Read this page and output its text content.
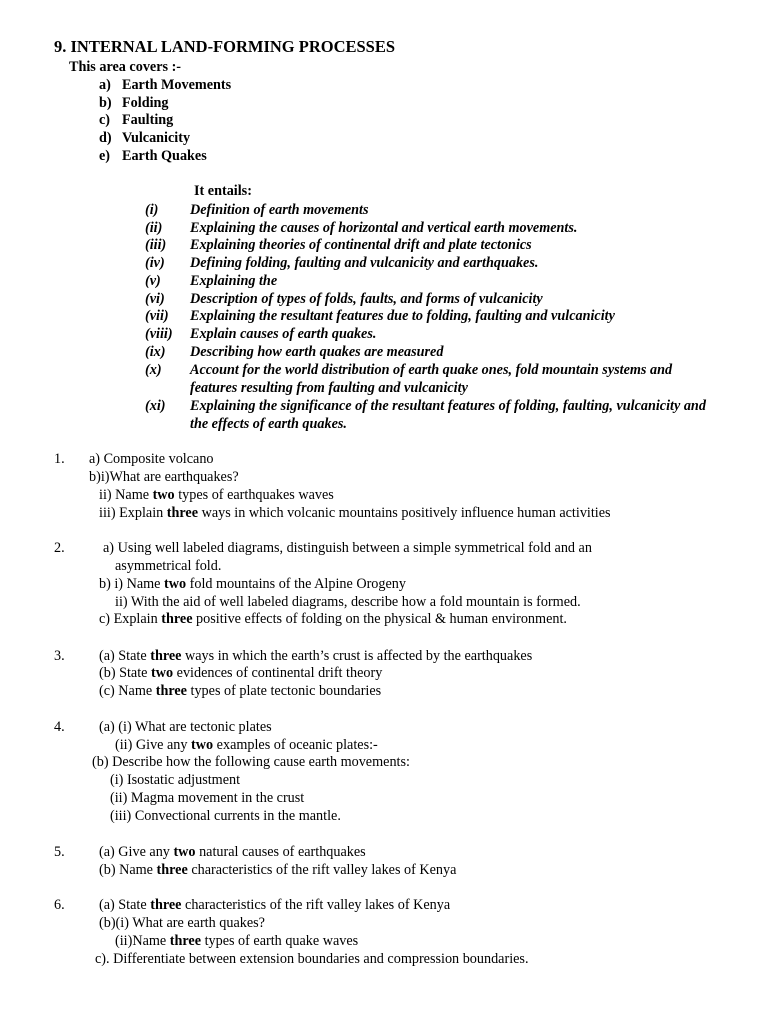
9. INTERNAL LAND-FORMING PROCESSES
This area covers :-
a) Earth Movements
b) Folding
c) Faulting
d) Vulcanicity
e) Earth Quakes
It entails:
(i) Definition of earth movements
(ii) Explaining the causes of horizontal and vertical earth movements.
(iii) Explaining theories of continental drift and plate tectonics
(iv) Defining folding, faulting and vulcanicity and earthquakes.
(v) Explaining the
(vi) Description of types of folds, faults, and forms of vulcanicity
(vii) Explaining the resultant features due to folding, faulting and vulcanicity
(viii) Explain causes of earth quakes.
(ix) Describing how earth quakes are measured
(x) Account for the world distribution of earth quake ones, fold mountain systems and features resulting from faulting and vulcanicity
(xi) Explaining the significance of the resultant features of folding, faulting, vulcanicity and the effects of earth quakes.
1. a) Composite volcano
b)i)What are earthquakes?
ii) Name two types of earthquakes waves
iii) Explain three ways in which volcanic mountains positively influence human activities
2.	a) Using well labeled diagrams, distinguish between a simple symmetrical fold and an
asymmetrical fold.
b) i) Name two fold mountains of the Alpine Orogeny
ii) With the aid of well labeled diagrams, describe how a fold mountain is formed.
c) Explain three positive effects of folding on the physical & human environment.
3. (a) State three ways in which the earth’s crust is affected by the earthquakes
(b) State two evidences of continental drift theory
(c) Name three types of plate tectonic boundaries
4. (a) (i) What are tectonic plates
(ii) Give any two examples of oceanic plates:-
(b) Describe how the following cause earth movements:
(i) Isostatic adjustment
(ii) Magma movement in the crust
(iii) Convectional currents in the mantle.
5. (a) Give any two natural causes of earthquakes
(b) Name three characteristics of the rift valley lakes of Kenya
6. (a) State three characteristics of the rift valley lakes of Kenya
(b)(i) What are earth quakes?
(ii)Name three types of earth quake waves
c). Differentiate between extension boundaries and compression boundaries.
